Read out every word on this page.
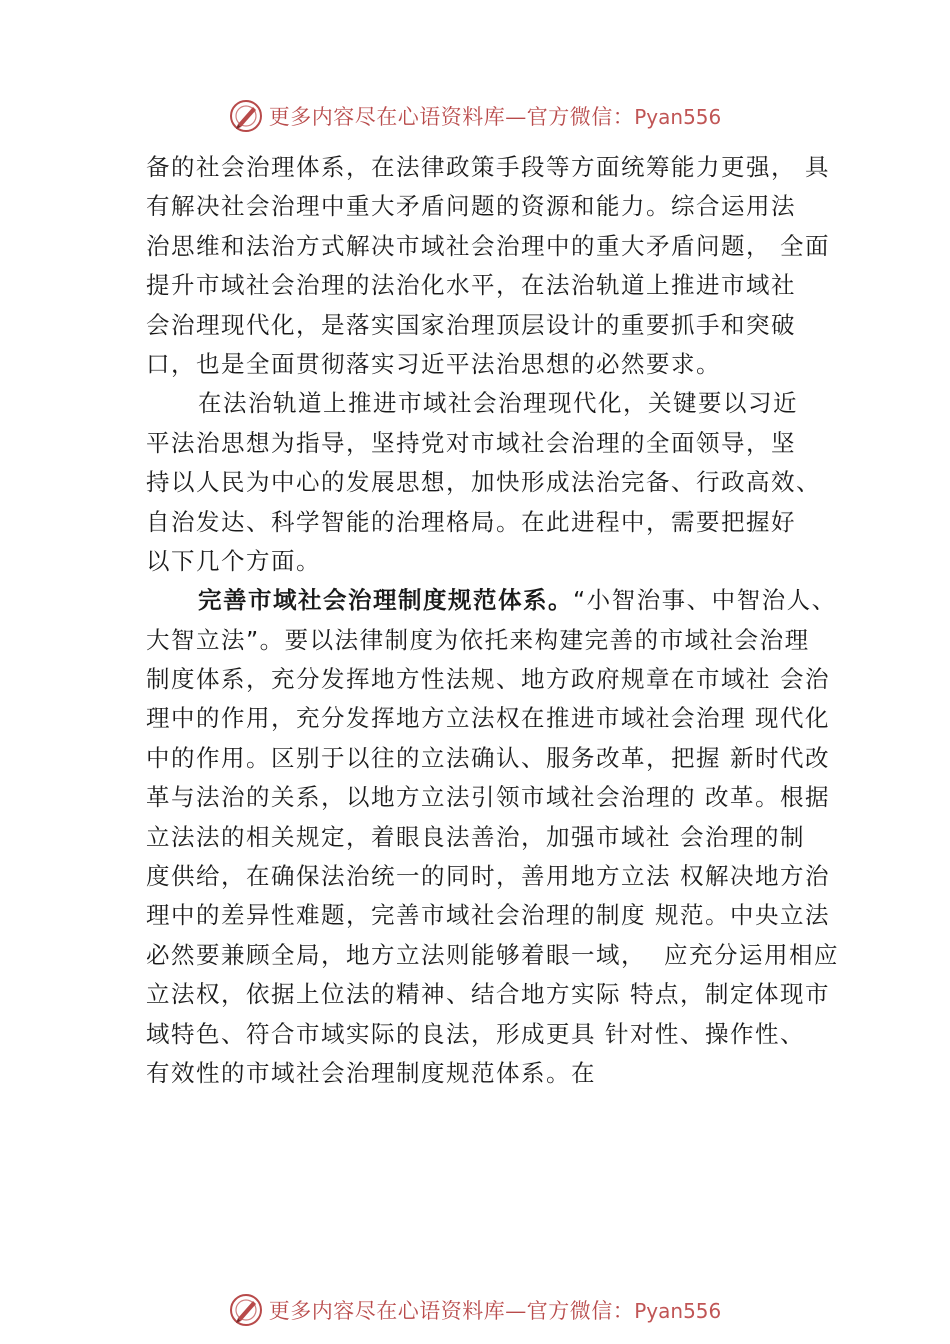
更多内容尽在心语资料库—官方微信：Pyan556
备的社会治理体系，在法律政策手段等方面统筹能力更强， 具
有解决社会治理中重大矛盾问题的资源和能力。综合运用法
治思维和法治方式解决市域社会治理中的重大矛盾问题， 全面
提升市域社会治理的法治化水平，在法治轨道上推进市域社
会治理现代化，是落实国家治理顶层设计的重要抓手和突破
口，也是全面贯彻落实习近平法治思想的必然要求。
在法治轨道上推进市域社会治理现代化，关键要以习近
平法治思想为指导，坚持党对市域社会治理的全面领导，坚
持以人民为中心的发展思想，加快形成法治完备、行政高效、
自治发达、科学智能的治理格局。在此进程中，需要把握好
以下几个方面。
完善市域社会治理制度规范体系。“小智治事、中智治人、
大智立法”。要以法律制度为依托来构建完善的市域社会治理
制度体系，充分发挥地方性法规、地方政府规章在市域社 会治
理中的作用，充分发挥地方立法权在推进市域社会治理 现代化
中的作用。区别于以往的立法确认、服务改革，把握 新时代改
革与法治的关系，以地方立法引领市域社会治理的 改革。根据
立法法的相关规定，着眼良法善治，加强市域社 会治理的制
度供给，在确保法治统一的同时，善用地方立法 权解决地方治
理中的差异性难题，完善市域社会治理的制度 规范。中央立法
必然要兼顾全局，地方立法则能够着眼一域，  应充分运用相应
立法权，依据上位法的精神、结合地方实际 特点，制定体现市
域特色、符合市域实际的良法，形成更具 针对性、操作性、
有效性的市域社会治理制度规范体系。在
更多内容尽在心语资料库—官方微信：Pyan556
